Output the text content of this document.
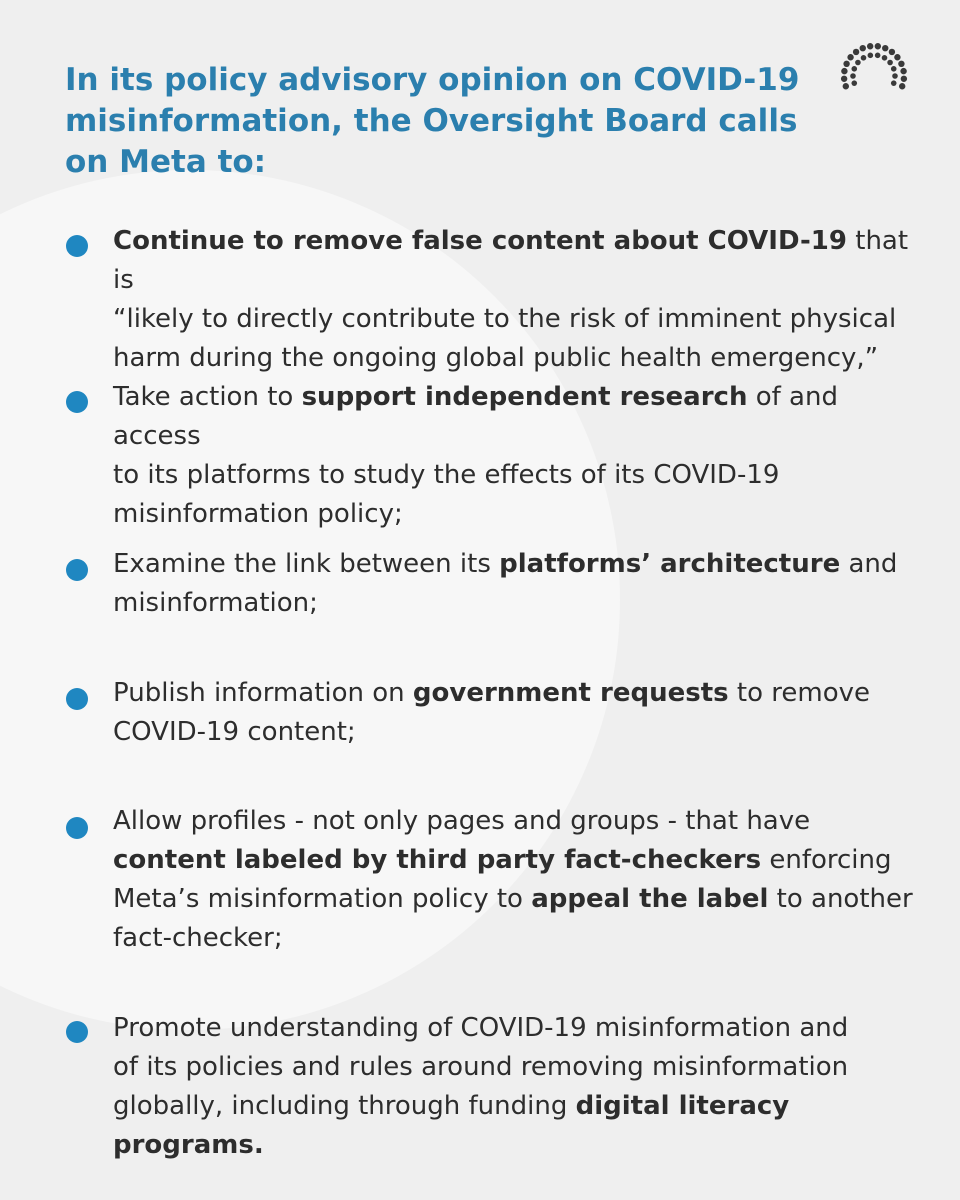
In its policy advisory opinion on COVID-19
misinformation, the Oversight Board calls
on Meta to:

Continue to remove false content about COVID-19 that is
“likely to directly contribute to the risk of imminent physical
harm during the ongoing global public health emergency,”

Take action to support independent research of and access
to its platforms to study the effects of its COVID-19
misinformation policy;

Examine the link between its platforms’ architecture and
misinformation;

Publish information on government requests to remove
COVID-19 content;

Allow profiles - not only pages and groups - that have
content labeled by third party fact-checkers enforcing
Meta’s misinformation policy to appeal the label to another
fact-checker;

Promote understanding of COVID-19 misinformation and
of its policies and rules around removing misinformation
globally, including through funding digital literacy programs.
